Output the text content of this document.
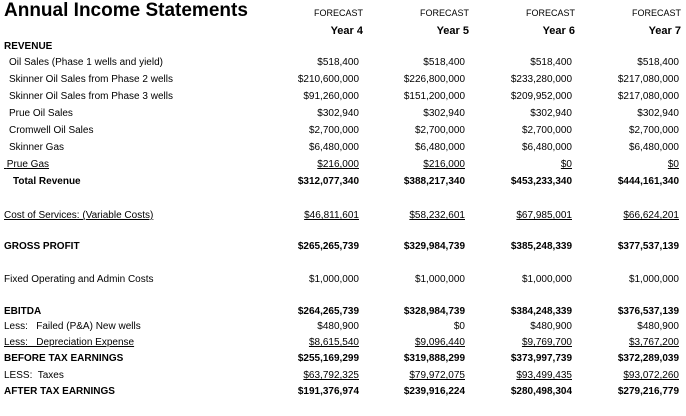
Annual Income Statements	FORECAST	FORECAST	FORECAST	FORECAST
Year 4	Year 5	Year 6	Year 7
REVENUE
Oil Sales (Phase 1 wells and yield)	$518,400	$518,400	$518,400	$518,400
Skinner Oil Sales from Phase 2 wells	$210,600,000	$226,800,000	$233,280,000	$217,080,000
Skinner Oil Sales from Phase 3 wells	$91,260,000	$151,200,000	$209,952,000	$217,080,000
Prue Oil Sales	$302,940	$302,940	$302,940	$302,940
Cromwell Oil Sales	$2,700,000	$2,700,000	$2,700,000	$2,700,000
Skinner Gas	$6,480,000	$6,480,000	$6,480,000	$6,480,000
Prue Gas	$216,000	$216,000	$0	$0
Total Revenue	$312,077,340	$388,217,340	$453,233,340	$444,161,340
Cost of Services: (Variable Costs)	$46,811,601	$58,232,601	$67,985,001	$66,624,201
GROSS PROFIT	$265,265,739	$329,984,739	$385,248,339	$377,537,139
Fixed Operating and Admin Costs	$1,000,000	$1,000,000	$1,000,000	$1,000,000
EBITDA	$264,265,739	$328,984,739	$384,248,339	$376,537,139
Less:   Failed (P&A) New wells	$480,900	$0	$480,900	$480,900
Less:   Depreciation Expense	$8,615,540	$9,096,440	$9,769,700	$3,767,200
BEFORE TAX EARNINGS	$255,169,299	$319,888,299	$373,997,739	$372,289,039
LESS:  Taxes	$63,792,325	$79,972,075	$93,499,435	$93,072,260
AFTER TAX EARNINGS	$191,376,974	$239,916,224	$280,498,304	$279,216,779
